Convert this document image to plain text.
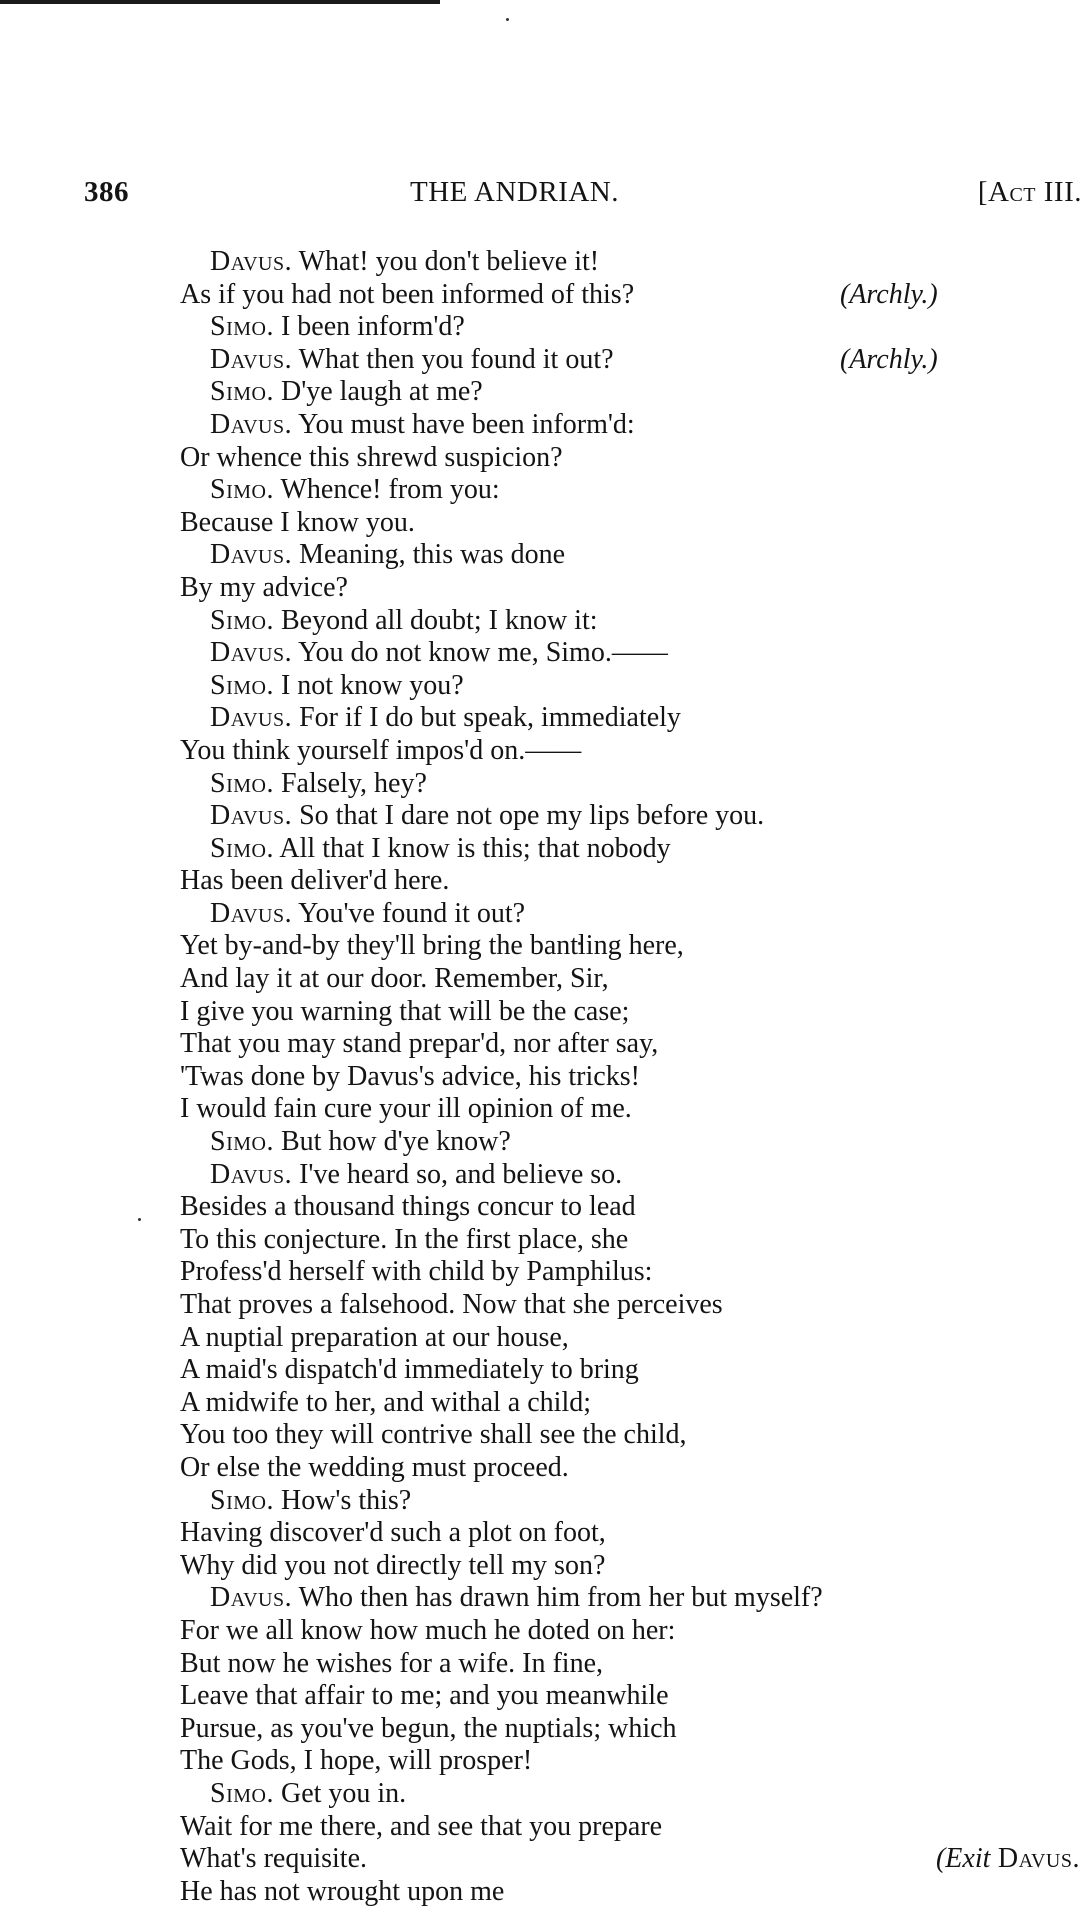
386	THE ANDRIAN.	[Act III.
Davus. What! you don't believe it!
As if you had not been informed of this?	(Archly.)
Simo. I been inform'd?
Davus. What then you found it out?	(Archly.)
Simo. D'ye laugh at me?
Davus. You must have been inform'd:
Or whence this shrewd suspicion?
Simo. Whence! from you:
Because I know you.
Davus. Meaning, this was done
By my advice?
Simo. Beyond all doubt; I know it:
Davus. You do not know me, Simo.——
Simo. I not know you?
Davus. For if I do but speak, immediately
You think yourself impos'd on.——
Simo. Falsely, hey?
Davus. So that I dare not ope my lips before you.
Simo. All that I know is this; that nobody
Has been deliver'd here.
Davus. You've found it out?
Yet by-and-by they'll bring the bantling here,
And lay it at our door. Remember, Sir,
I give you warning that will be the case;
That you may stand prepar'd, nor after say,
'Twas done by Davus's advice, his tricks!
I would fain cure your ill opinion of me.
Simo. But how d'ye know?
Davus. I've heard so, and believe so.
Besides a thousand things concur to lead
To this conjecture. In the first place, she
Profess'd herself with child by Pamphilus:
That proves a falsehood. Now that she perceives
A nuptial preparation at our house,
A maid's dispatch'd immediately to bring
A midwife to her, and withal a child;
You too they will contrive shall see the child,
Or else the wedding must proceed.
Simo. How's this?
Having discover'd such a plot on foot,
Why did you not directly tell my son?
Davus. Who then has drawn him from her but myself?
For we all know how much he doted on her:
But now he wishes for a wife. In fine,
Leave that affair to me; and you meanwhile
Pursue, as you've begun, the nuptials; which
The Gods, I hope, will prosper!
Simo. Get you in.
Wait for me there, and see that you prepare
What's requisite.	(Exit Davus.
He has not wrought upon me
